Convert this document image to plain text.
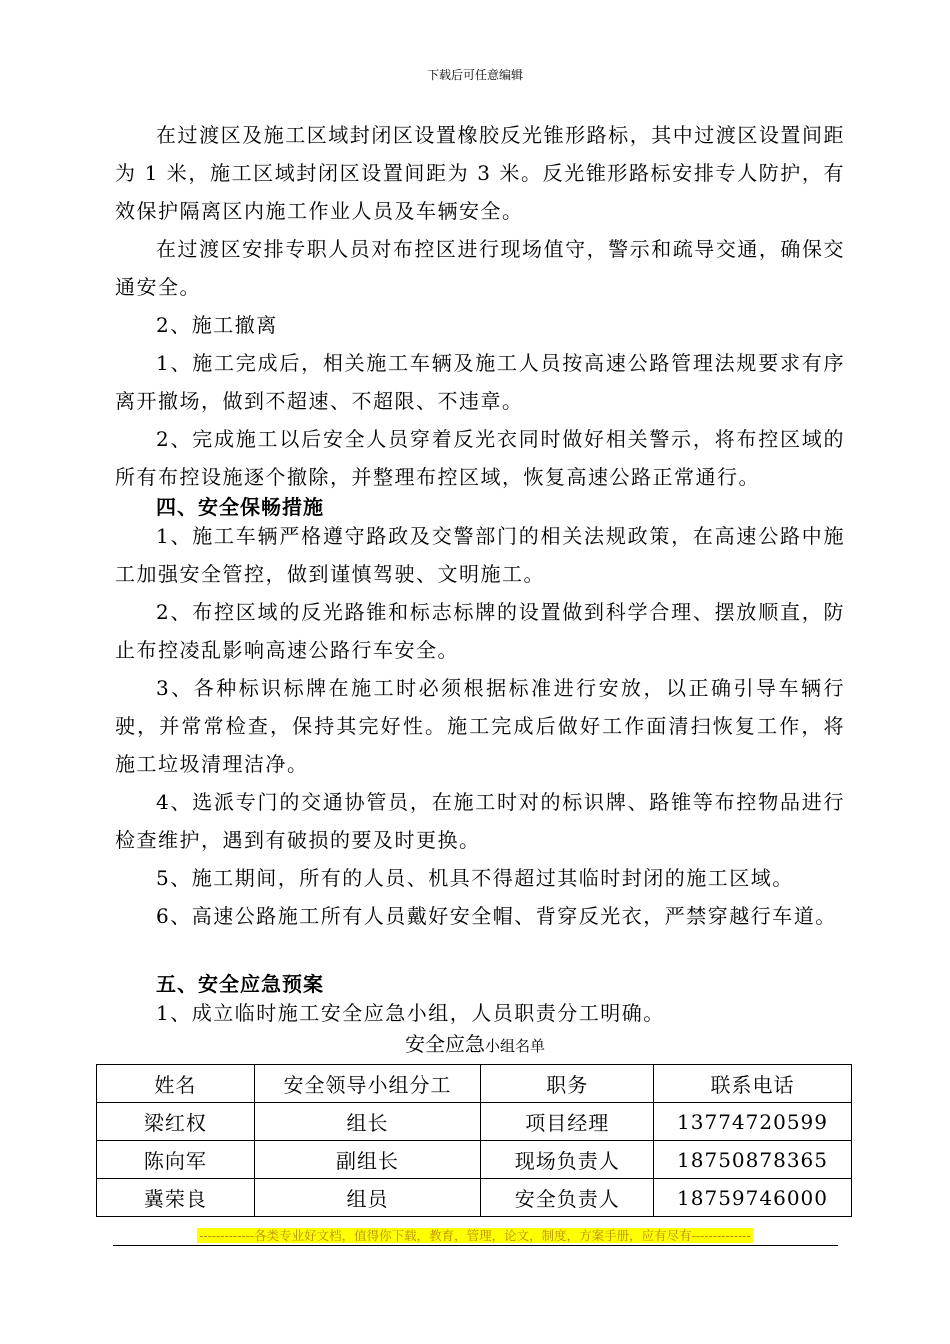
下载后可任意编辑

在过渡区及施工区域封闭区设置橡胶反光锥形路标，其中过渡区设置间距为 1 米，施工区域封闭区设置间距为 3 米。反光锥形路标安排专人防护，有效保护隔离区内施工作业人员及车辆安全。

在过渡区安排专职人员对布控区进行现场值守，警示和疏导交通，确保交通安全。

2、施工撤离

1、施工完成后，相关施工车辆及施工人员按高速公路管理法规要求有序离开撤场，做到不超速、不超限、不违章。

2、完成施工以后安全人员穿着反光衣同时做好相关警示，将布控区域的所有布控设施逐个撤除，并整理布控区域，恢复高速公路正常通行。

四、安全保畅措施

1、施工车辆严格遵守路政及交警部门的相关法规政策，在高速公路中施工加强安全管控，做到谨慎驾驶、文明施工。

2、布控区域的反光路锥和标志标牌的设置做到科学合理、摆放顺直，防止布控凌乱影响高速公路行车安全。

3、各种标识标牌在施工时必须根据标准进行安放，以正确引导车辆行驶，并常常检查，保持其完好性。施工完成后做好工作面清扫恢复工作，将施工垃圾清理洁净。

4、选派专门的交通协管员，在施工时对的标识牌、路锥等布控物品进行检查维护，遇到有破损的要及时更换。

5、施工期间，所有的人员、机具不得超过其临时封闭的施工区域。

6、高速公路施工所有人员戴好安全帽、背穿反光衣，严禁穿越行车道。

五、安全应急预案

1、成立临时施工安全应急小组，人员职责分工明确。

安全应急小组名单
姓名	安全领导小组分工	职务	联系电话
梁红权	组长	项目经理	13774720599
陈向军	副组长	现场负责人	18750878365
冀荣良	组员	安全负责人	18759746000
-------------各类专业好文档，值得你下载，教育，管理，论文，制度，方案手册，应有尽有--------------
